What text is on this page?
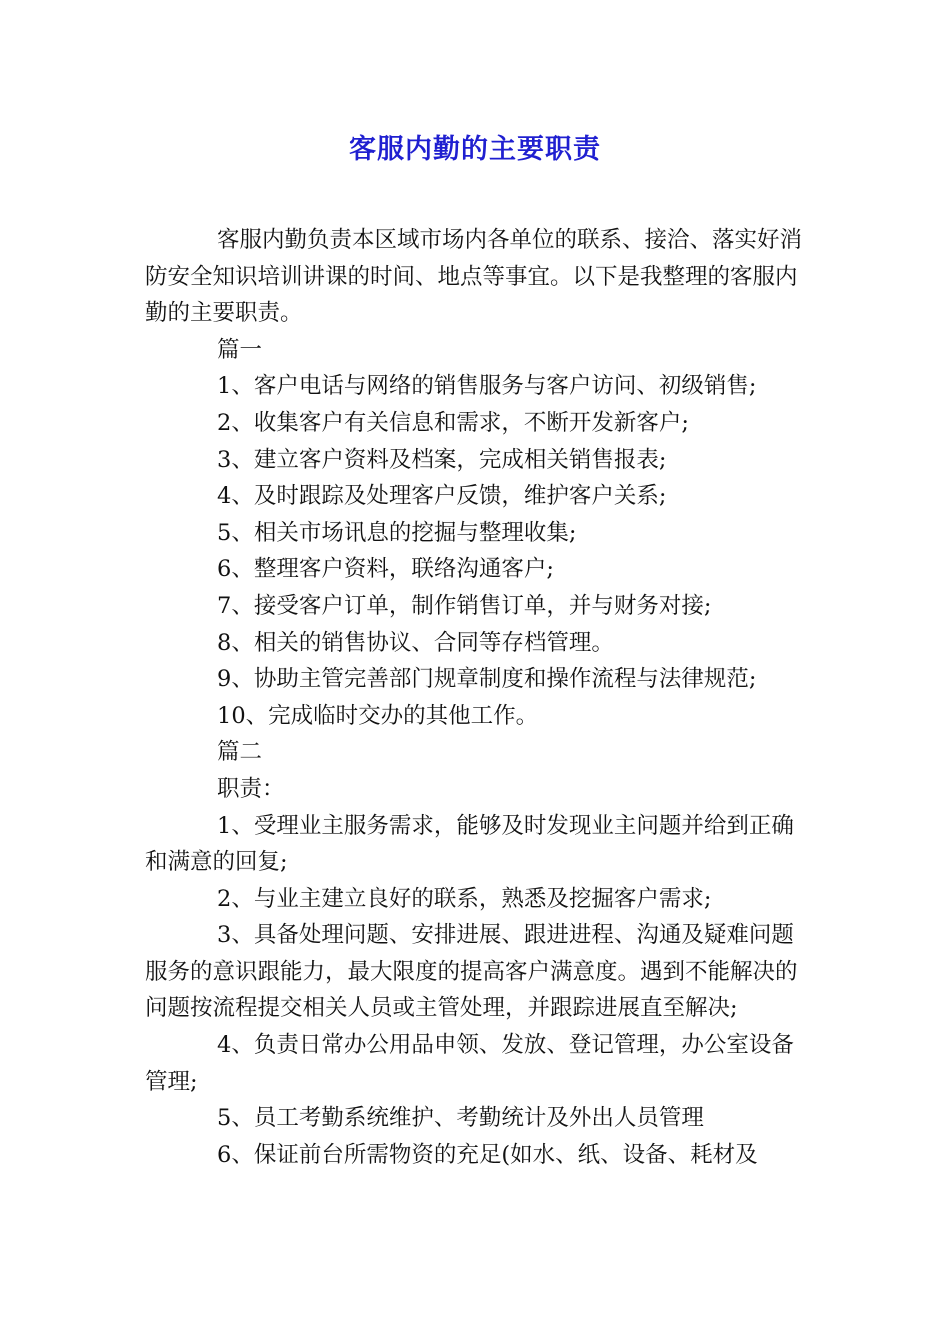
客服内勤的主要职责

客服内勤负责本区域市场内各单位的联系、接洽、落实好消防安全知识培训讲课的时间、地点等事宜。以下是我整理的客服内勤的主要职责。

篇一

1、客户电话与网络的销售服务与客户访问、初级销售;

2、收集客户有关信息和需求，不断开发新客户;

3、建立客户资料及档案，完成相关销售报表;

4、及时跟踪及处理客户反馈，维护客户关系;

5、相关市场讯息的挖掘与整理收集;

6、整理客户资料，联络沟通客户;

7、接受客户订单，制作销售订单，并与财务对接;

8、相关的销售协议、合同等存档管理。

9、协助主管完善部门规章制度和操作流程与法律规范;

10、完成临时交办的其他工作。

篇二

职责：

1、受理业主服务需求，能够及时发现业主问题并给到正确和满意的回复;

2、与业主建立良好的联系，熟悉及挖掘客户需求;

3、具备处理问题、安排进展、跟进进程、沟通及疑难问题服务的意识跟能力，最大限度的提高客户满意度。遇到不能解决的问题按流程提交相关人员或主管处理，并跟踪进展直至解决;

4、负责日常办公用品申领、发放、登记管理，办公室设备管理;

5、员工考勤系统维护、考勤统计及外出人员管理

6、保证前台所需物资的充足(如水、纸、设备、耗材及
